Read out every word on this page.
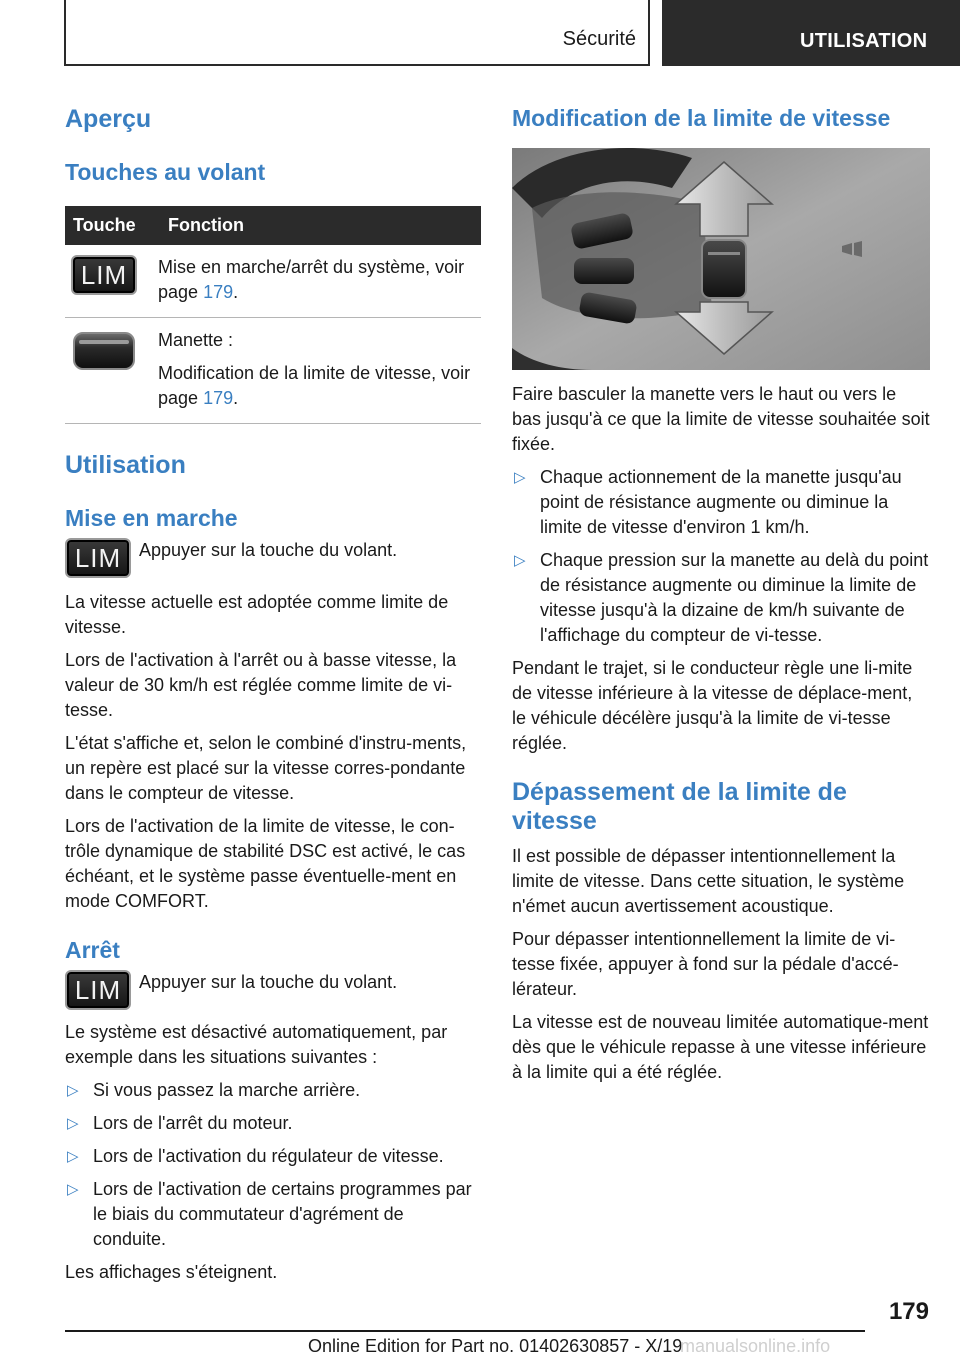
Sécurité	UTILISATION
Aperçu
Touches au volant
Touche	Fonction

LIM	Mise en marche/arrêt du système, voir page 179.

	Manette :

Modification de la limite de vitesse, voir page 179.

Utilisation
Mise en marche
LIM Appuyer sur la touche du volant.

La vitesse actuelle est adoptée comme limite de vitesse.

Lors de l'activation à l'arrêt ou à basse vitesse, la valeur de 30 km/h est réglée comme limite de vi-tesse.

L'état s'affiche et, selon le combiné d'instru-ments, un repère est placé sur la vitesse corres-pondante dans le compteur de vitesse.

Lors de l'activation de la limite de vitesse, le con-trôle dynamique de stabilité DSC est activé, le cas échéant, et le système passe éventuelle-ment en mode COMFORT.

Arrêt
LIM Appuyer sur la touche du volant.

Le système est désactivé automatiquement, par exemple dans les situations suivantes :

▷ Si vous passez la marche arrière.
▷ Lors de l'arrêt du moteur.
▷ Lors de l'activation du régulateur de vitesse.
▷ Lors de l'activation de certains programmes par le biais du commutateur d'agrément de conduite.

Les affichages s'éteignent.

Modification de la limite de vitesse

Faire basculer la manette vers le haut ou vers le bas jusqu'à ce que la limite de vitesse souhaitée soit fixée.

▷ Chaque actionnement de la manette jusqu'au point de résistance augmente ou diminue la limite de vitesse d'environ 1 km/h.
▷ Chaque pression sur la manette au delà du point de résistance augmente ou diminue la limite de vitesse jusqu'à la dizaine de km/h suivante de l'affichage du compteur de vi-tesse.

Pendant le trajet, si le conducteur règle une li-mite de vitesse inférieure à la vitesse de déplace-ment, le véhicule décélère jusqu'à la limite de vi-tesse réglée.

Dépassement de la limite de vitesse

Il est possible de dépasser intentionnellement la limite de vitesse. Dans cette situation, le système n'émet aucun avertissement acoustique.

Pour dépasser intentionnellement la limite de vi-tesse fixée, appuyer à fond sur la pédale d'accé-lérateur.

La vitesse est de nouveau limitée automatique-ment dès que le véhicule repasse à une vitesse inférieure à la limite qui a été réglée.

179
Online Edition for Part no. 01402630857 - X/19
manualsonline.info
